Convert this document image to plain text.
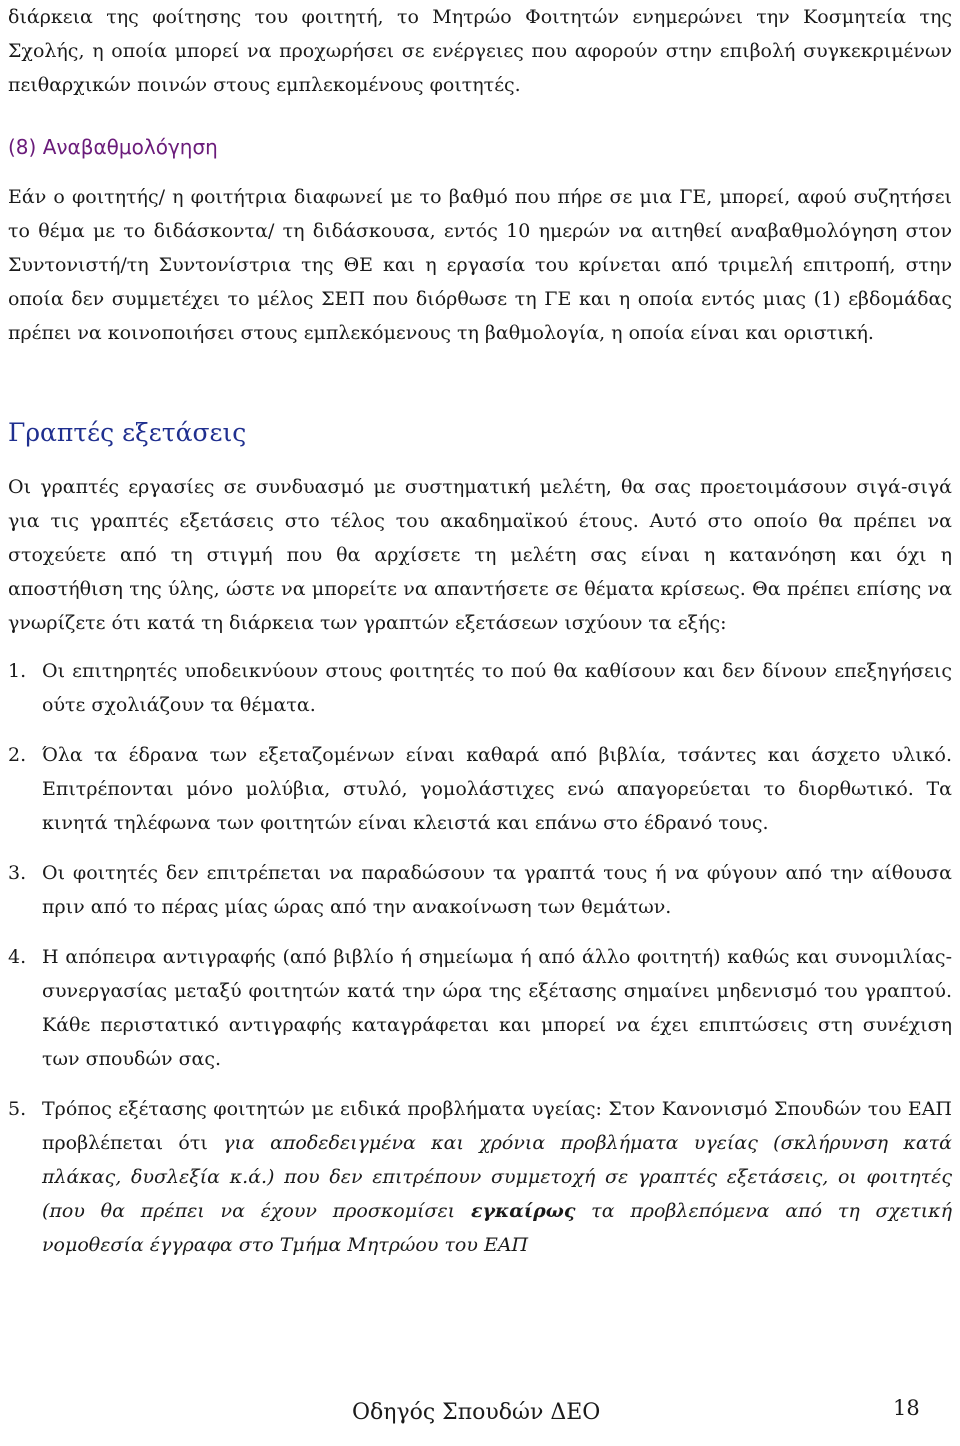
διάρκεια της φοίτησης του φοιτητή, το Μητρώο Φοιτητών ενημερώνει την Κοσμητεία της Σχολής, η οποία μπορεί να προχωρήσει σε ενέργειες που αφορούν στην επιβολή συγκεκριμένων πειθαρχικών ποινών στους εμπλεκομένους φοιτητές.

(8) Αναβαθμολόγηση

Εάν ο φοιτητής/ η φοιτήτρια διαφωνεί με το βαθμό που πήρε σε μια ΓΕ, μπορεί, αφού συζητήσει το θέμα με το διδάσκοντα/ τη διδάσκουσα, εντός 10 ημερών να αιτηθεί αναβαθμολόγηση στον Συντονιστή/τη Συντονίστρια της ΘΕ και η εργασία του κρίνεται από τριμελή επιτροπή, στην οποία δεν συμμετέχει το μέλος ΣΕΠ που διόρθωσε τη ΓΕ και η οποία εντός μιας (1) εβδομάδας πρέπει να κοινοποιήσει στους εμπλεκόμενους τη βαθμολογία, η οποία είναι και οριστική.

Γραπτές εξετάσεις

Οι γραπτές εργασίες σε συνδυασμό με συστηματική μελέτη, θα σας προετοιμάσουν σιγά-σιγά για τις γραπτές εξετάσεις στο τέλος του ακαδημαϊκού έτους. Αυτό στο οποίο θα πρέπει να στοχεύετε από τη στιγμή που θα αρχίσετε τη μελέτη σας είναι η κατανόηση και όχι η αποστήθιση της ύλης, ώστε να μπορείτε να απαντήσετε σε θέματα κρίσεως. Θα πρέπει επίσης να γνωρίζετε ότι κατά τη διάρκεια των γραπτών εξετάσεων ισχύουν τα εξής:

1. Οι επιτηρητές υποδεικνύουν στους φοιτητές το πού θα καθίσουν και δεν δίνουν επεξηγήσεις ούτε σχολιάζουν τα θέματα.
2. Όλα τα έδρανα των εξεταζομένων είναι καθαρά από βιβλία, τσάντες και άσχετο υλικό. Επιτρέπονται μόνο μολύβια, στυλό, γομολάστιχες ενώ απαγορεύεται το διορθωτικό. Τα κινητά τηλέφωνα των φοιτητών είναι κλειστά και επάνω στο έδρανό τους.
3. Οι φοιτητές δεν επιτρέπεται να παραδώσουν τα γραπτά τους ή να φύγουν από την αίθουσα πριν από το πέρας μίας ώρας από την ανακοίνωση των θεμάτων.
4. Η απόπειρα αντιγραφής (από βιβλίο ή σημείωμα ή από άλλο φοιτητή) καθώς και συνομιλίας-συνεργασίας μεταξύ φοιτητών κατά την ώρα της εξέτασης σημαίνει μηδενισμό του γραπτού. Κάθε περιστατικό αντιγραφής καταγράφεται και μπορεί να έχει επιπτώσεις στη συνέχιση των σπουδών σας.
5. Τρόπος εξέτασης φοιτητών με ειδικά προβλήματα υγείας: Στον Κανονισμό Σπουδών του ΕΑΠ προβλέπεται ότι για αποδεδειγμένα και χρόνια προβλήματα υγείας (σκλήρυνση κατά πλάκας, δυσλεξία κ.ά.) που δεν επιτρέπουν συμμετοχή σε γραπτές εξετάσεις, οι φοιτητές (που θα πρέπει να έχουν προσκομίσει εγκαίρως τα προβλεπόμενα από τη σχετική νομοθεσία έγγραφα στο Τμήμα Μητρώου του ΕΑΠ
Οδηγός Σπουδών ΔΕΟ	18
